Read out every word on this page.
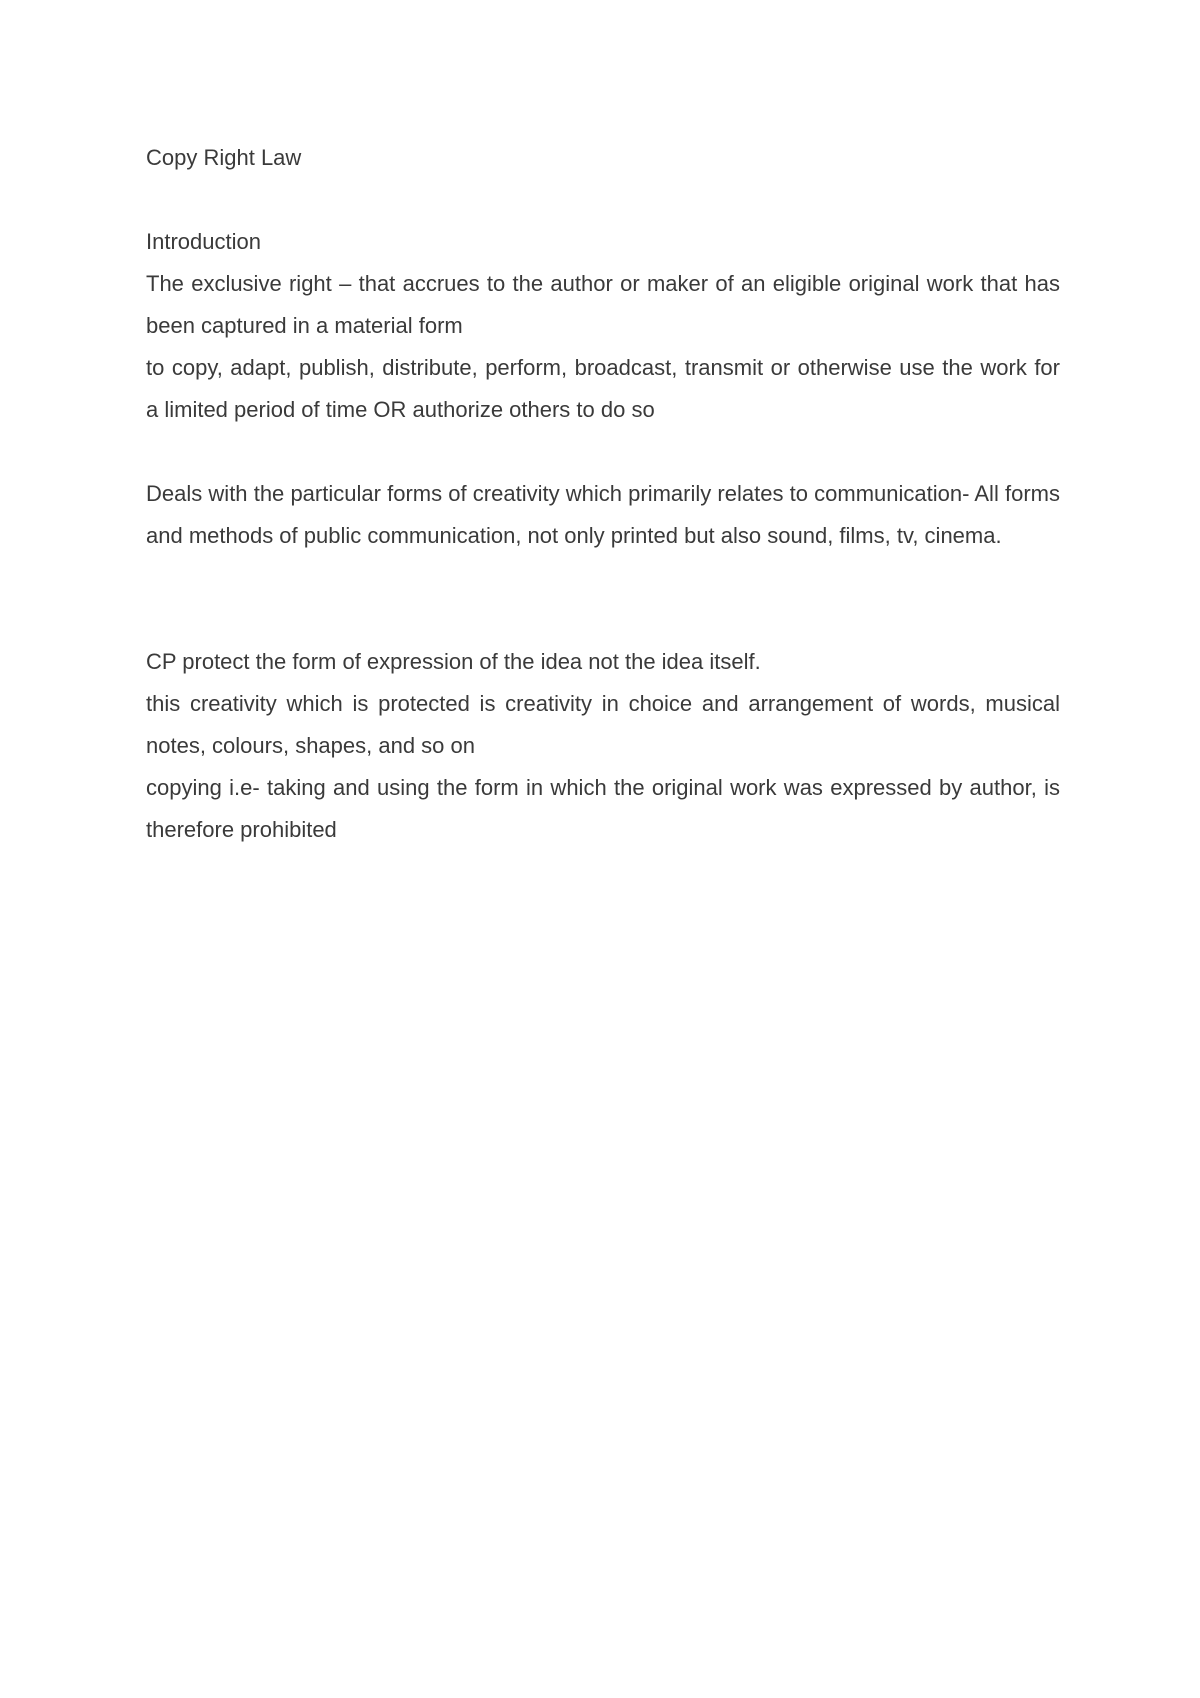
Copy Right Law

Introduction

The exclusive right – that accrues to the author or maker of an eligible original work that has been captured in a material form

to copy, adapt, publish, distribute, perform, broadcast, transmit or otherwise use the work for a limited period of time OR authorize others to do so

Deals with the particular forms of creativity which primarily relates to communication- All forms and methods of public communication, not only printed but also sound, films, tv, cinema.

CP protect the form of expression of the idea not the idea itself.

this creativity which is protected is creativity in choice and arrangement of words, musical notes, colours, shapes, and so on

copying i.e- taking and using the form in which the original work was expressed by author, is therefore prohibited
